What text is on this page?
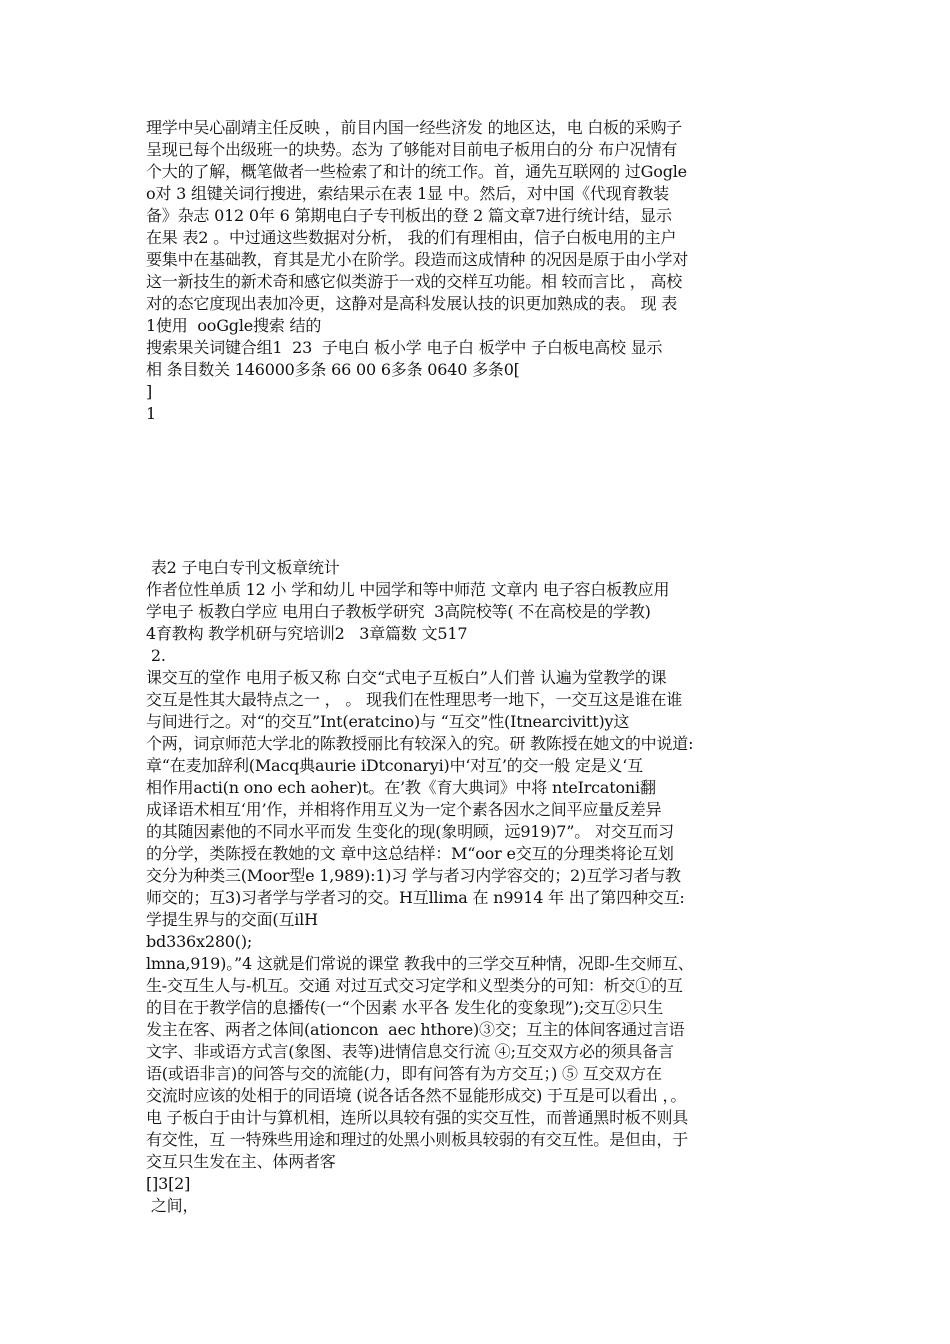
理学中吴心副靖主任反映 ，前目内国一经些济发 的地区达，电 白板的采购子
呈现已每个出级班一的块势。态为 了够能对目前电子板用白的分 布户况情有
个大的了解，概笔做者一些检索了和计的统工作。首，通先互联网的 过Gogle
o对 3 组键关词行搜进，索结果示在表 1显 中。然后，对中国《代现育教装
备》杂志 012 0年 6 第期电白子专刊板出的登 2 篇文章7进行统计结，显示
在果 表2 。中过通这些数据对分析， 我的们有理相由，信子白板电用的主户
要集中在基础教，育其是尤小在阶学。段造而这成情种 的况因是原于由小学对
这一新技生的新术奇和感它似类游于一戏的交样互功能。相 较而言比 ， 高校
对的态它度现出表加冷更，这静对是高科发展认技的识更加熟成的表。 现 表
1使用  ooGgle搜索 结的
搜索果关词键合组1  23  子电白 板小学 电子白 板学中 子白板电高校 显示
相 条目数关 146000多条 66 00 6多条 0640 多条0[
]
1
表2 子电白专刊文板章统计
作者位性单质 12 小 学和幼儿 中园学和等中师范 文章内 电子容白板教应用
学电子 板教白学应 电用白子教板学研究  3高院校等( 不在高校是的学教)
4育教构 教学机研与究培训2   3章篇数 文517
2.
课交互的堂作 电用子板又称 白交“式电子互板白”人们普 认遍为堂教学的课
交互是性其大最特点之一 ， 。 现我们在性理思考一地下，一交互这是谁在谁
与间进行之。对“的交互”Int(eratcino)与 “互交”性(Itnearcivitt)y这
个两，词京师范大学北的陈教授丽比有较深入的究。研 教陈授在她文的中说道:
章“在麦加辞利(Macq典aurie iDtconaryi)中‘对互’的交一般 定是义‘互
相作用acti(n ono ech aoher)t。在’教《育大典词》中将 nteIrcatoni翻
成译语术相互‘用’作，并相将作用互义为一定个素各因水之间平应量反差异
的其随因素他的不同水平而发 生变化的现(象明顾，远919)7”。 对交互而习
的分学，类陈授在教她的文 章中这总结样：M“oor e交互的分理类将论互划
交分为种类三(Moor型e 1,989):1)习 学与者习内学容交的；2)互学习者与教
师交的；互3)习者学与学者习的交。H互llima 在 n9914 年 出了第四种交互:
学提生界与的交面(互ilH
bd336x280();
lmna,919)。”4 这就是们常说的课堂 教我中的三学交互种情，况即-生交师互、
生-交互生人与-机互。交通 对过互式交习定学和义型类分的可知：析交①的互
的目在于教学信的息播传(一“个因素 水平各 发生化的变象现”);交互②只生
发主在客、两者之体间(ationcon  aec hthore)③交；互主的体间客通过言语
文字、非或语方式言(象图、表等)进情信息交行流 ④;互交双方必的须具备言
语(或语非言)的问答与交的流能(力，即有问答有为方交互；) ⑤ 互交双方在
交流时应该的处相于的同语境 (说各话各然不显能形成交) 于互是可以看出 ，。
电 子板白于由计与算机相，连所以具较有强的实交互性，而普通黑时板不则具
有交性，互 一特殊些用途和理过的处黑小则板具较弱的有交互性。是但由，于
交互只生发在主、体两者客
[]3[2]
之间，
